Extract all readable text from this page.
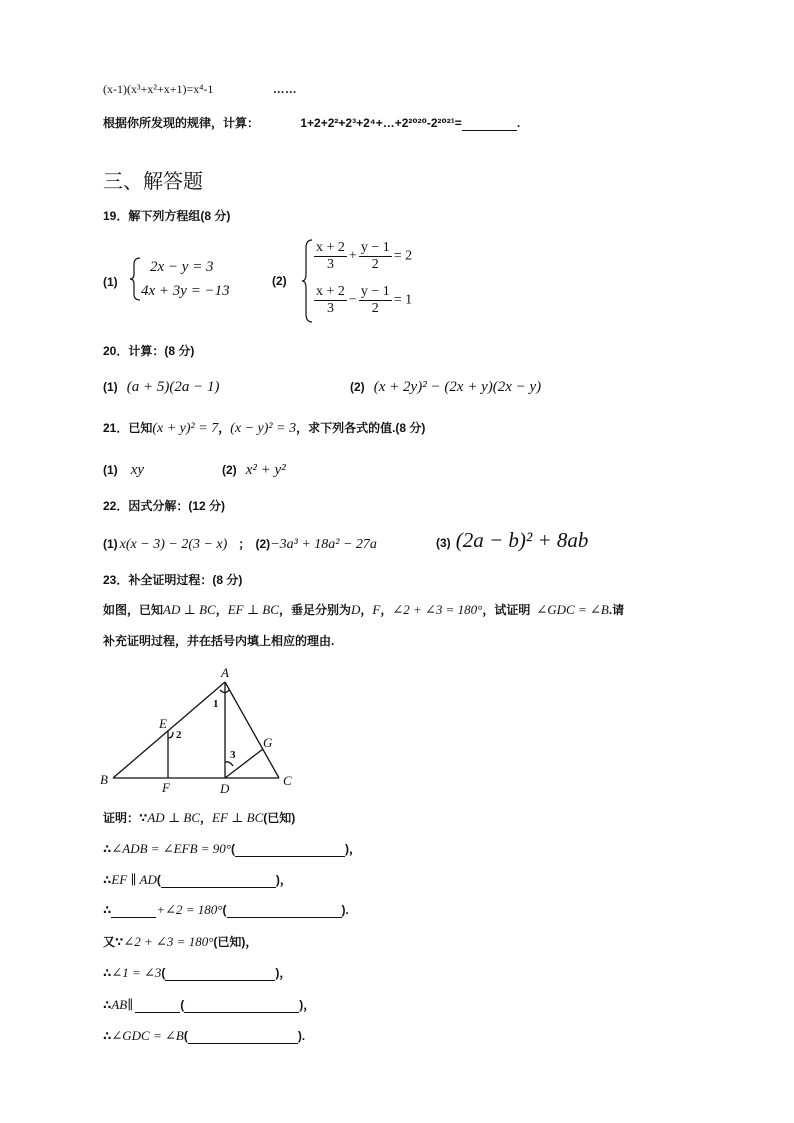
(x-1)(x³+x²+x+1)=x⁴-1	……
根据你所发现的规律，计算：	1+2+2²+2³+2⁴+…+2²⁰²⁰-2²⁰²¹=	.
三、解答题
19．解下列方程组(8 分)
(1)
2x − y = 3
4x + 3y = −13
(2)
$\frac{x + 2}{3} + \frac{y - 1}{2} = 2$
$\frac{x + 2}{3} - \frac{y - 1}{2} = 1$
20．计算：(8 分)
(1) (a + 5)(2a − 1)	(2) (x + 2y)² − (2x + y)(2x − y)
21．已知(x + y)² = 7，(x − y)² = 3，求下列各式的值.(8 分)
(1) xy	(2) x² + y²
22．因式分解：(12 分)
(1) x(x − 3) − 2(3 − x) ； (2)−3a³ + 18a² − 27a	(3) (2a − b)² + 8ab
23．补全证明过程：(8 分)
如图，已知AD ⊥ BC，EF ⊥ BC，垂足分别为D，F，∠2 + ∠3 = 180°，试证明 ∠GDC = ∠B.请
补充证明过程，并在括号内填上相应的理由.
A
B	C
D
E
F
G
1
2
3
证明：∵AD ⊥ BC，EF ⊥ BC(已知)
∴∠ADB = ∠EFB = 90°(	)，
∴EF ∥ AD(	)，
∴	+∠2 = 180°(	).
又∵∠2 + ∠3 = 180°(已知)，
∴∠1 = ∠3(	)，
∴AB∥	(	)，
∴∠GDC = ∠B(	).
